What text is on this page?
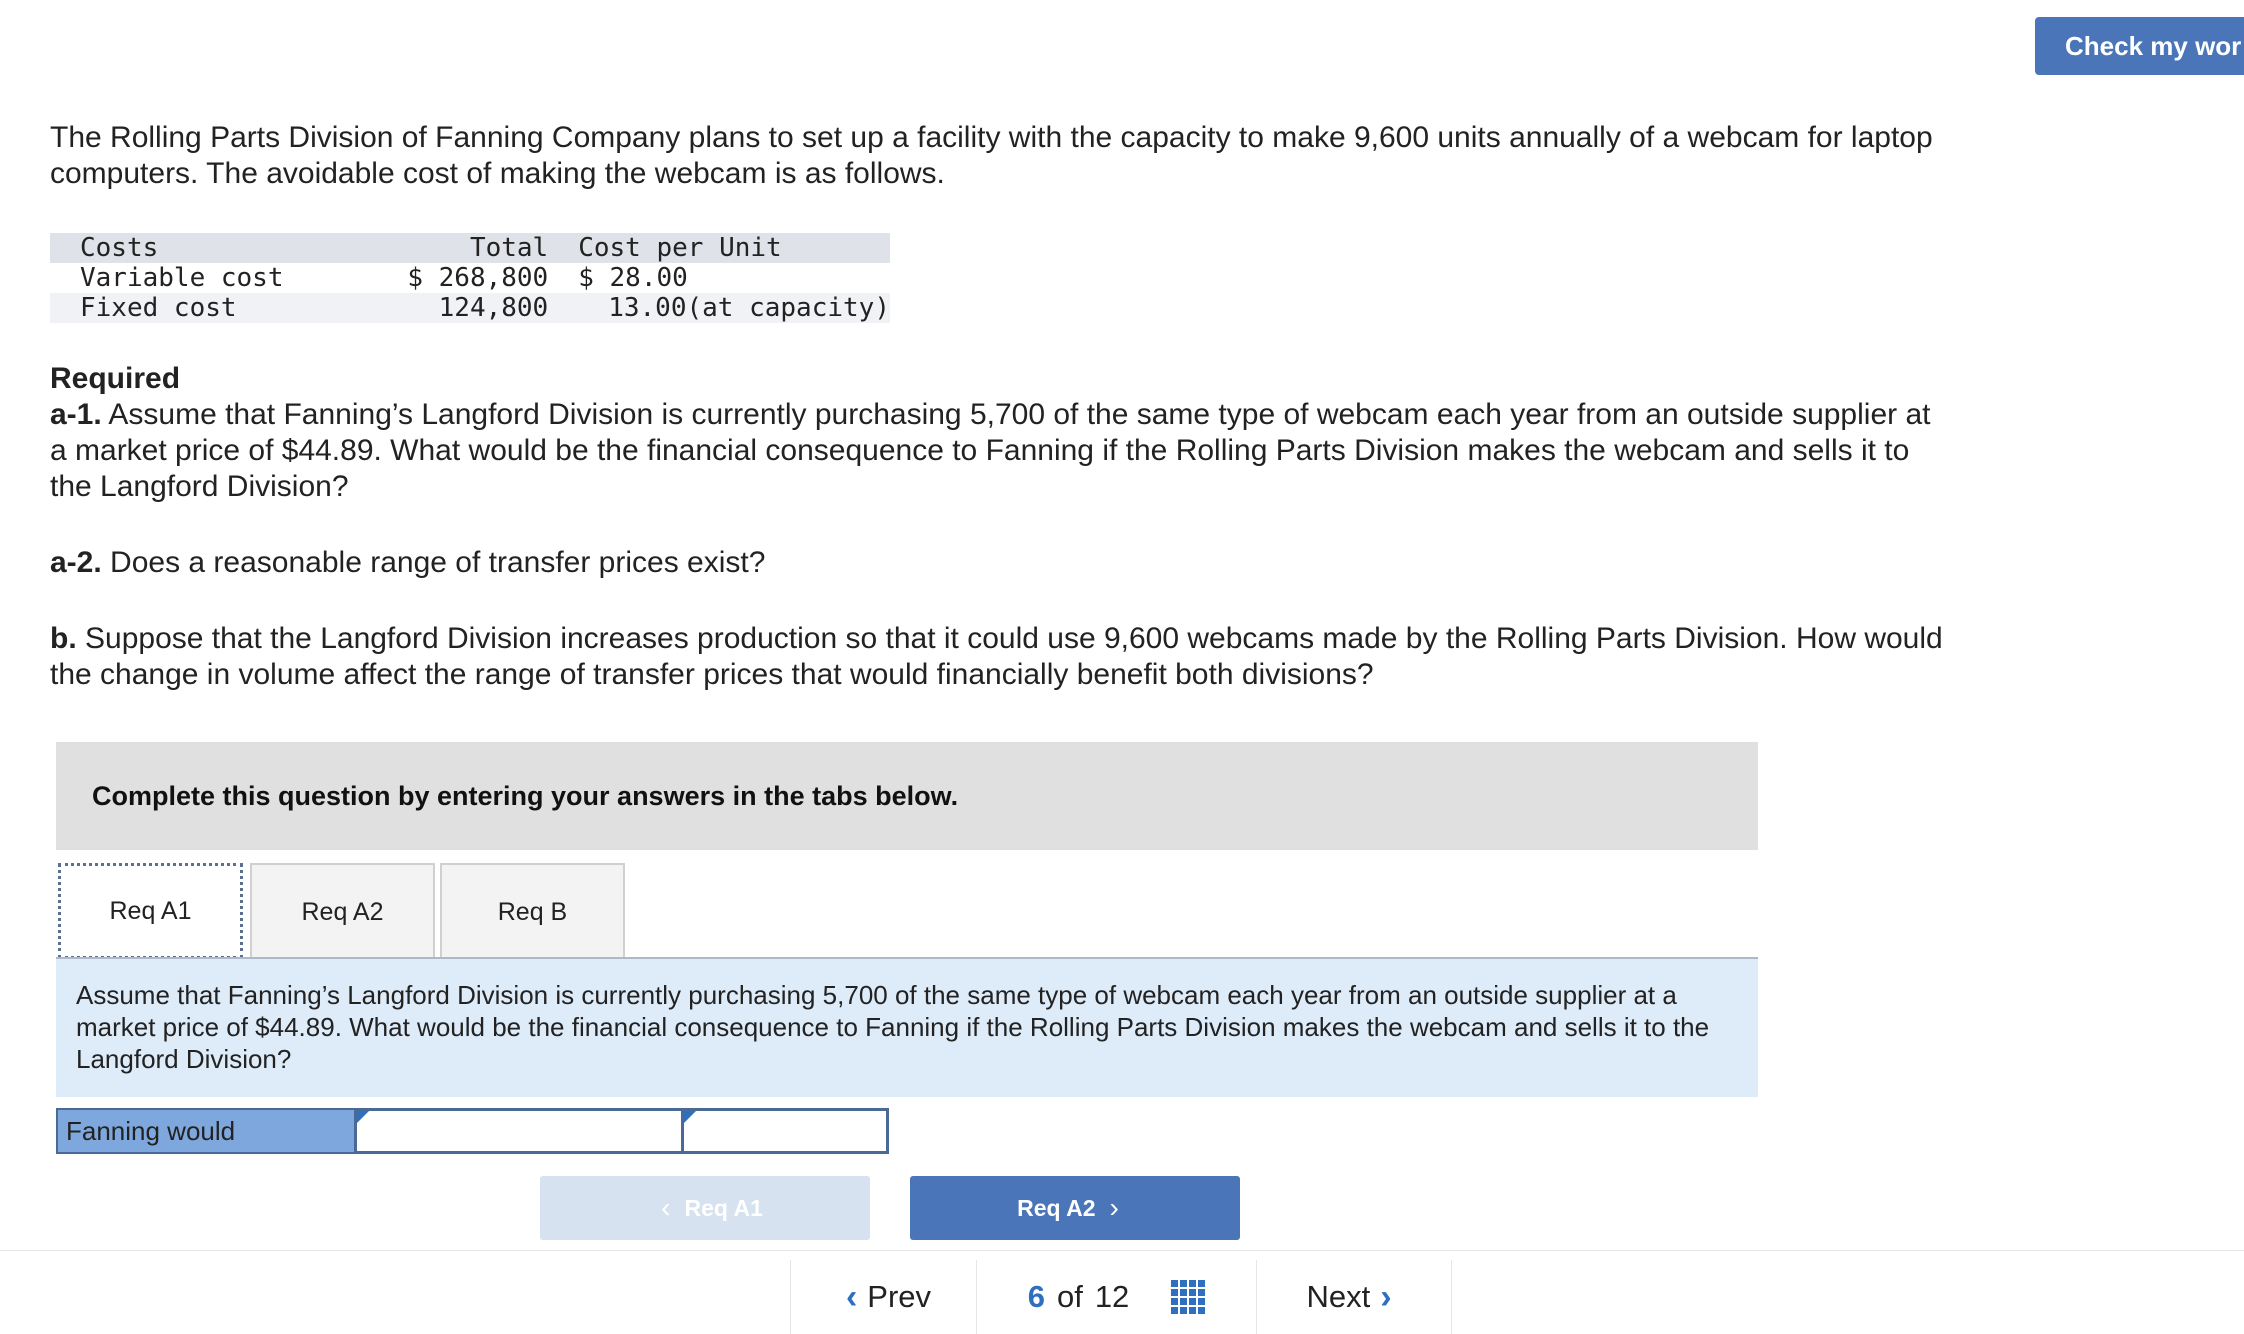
Check my wor

The Rolling Parts Division of Fanning Company plans to set up a facility with the capacity to make 9,600 units annually of a webcam for laptop computers. The avoidable cost of making the webcam is as follows.

Costs	Total	Cost per Unit
Variable cost	$ 268,800	$ 28.00
Fixed cost	124,800	13.00(at capacity)
Required

a-1. Assume that Fanning’s Langford Division is currently purchasing 5,700 of the same type of webcam each year from an outside supplier at a market price of $44.89. What would be the financial consequence to Fanning if the Rolling Parts Division makes the webcam and sells it to the Langford Division?

a-2. Does a reasonable range of transfer prices exist?

b. Suppose that the Langford Division increases production so that it could use 9,600 webcams made by the Rolling Parts Division. How would the change in volume affect the range of transfer prices that would financially benefit both divisions?

Complete this question by entering your answers in the tabs below.
Req A1	Req A2	Req B
Assume that Fanning’s Langford Division is currently purchasing 5,700 of the same type of webcam each year from an outside supplier at a market price of $44.89. What would be the financial consequence to Fanning if the Rolling Parts Division makes the webcam and sells it to the Langford Division?
Fanning would
‹ Req A1	Req A2 ›
‹ Prev	6 of 12	Next ›
